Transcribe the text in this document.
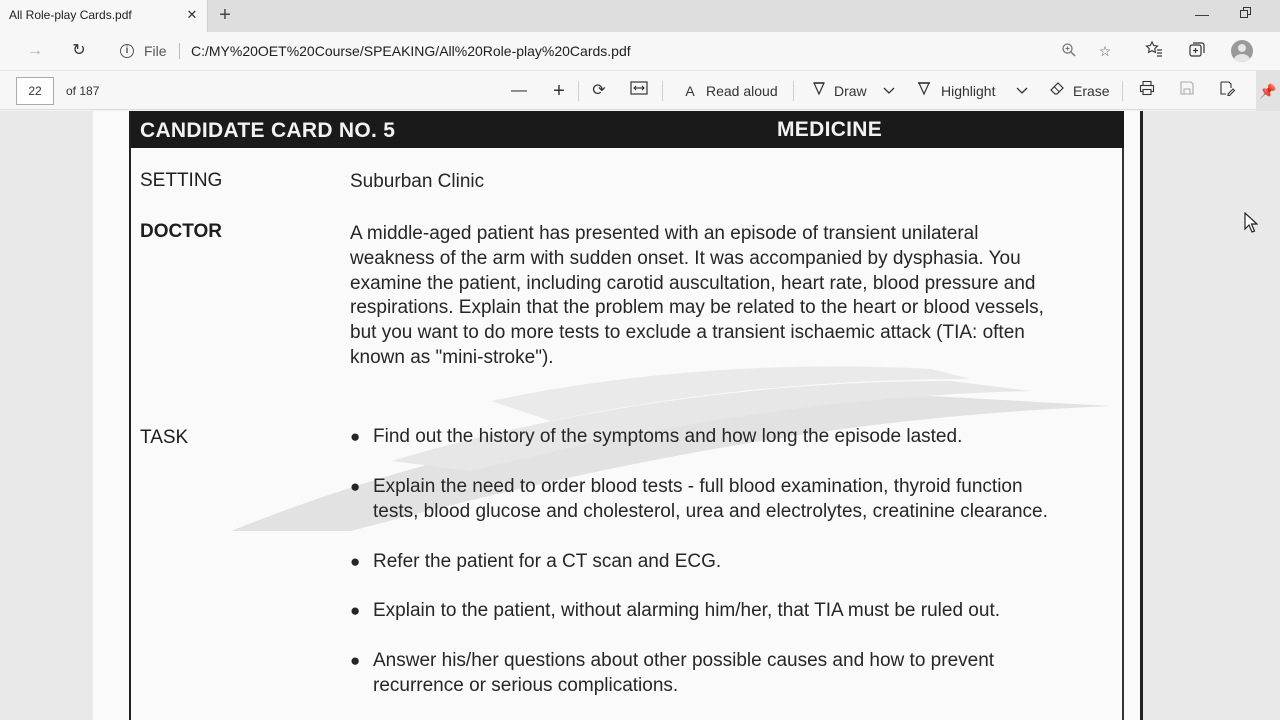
All Role-play Cards.pdf	✕ +	—
→ ↻	i	File C:/MY%20OET%20Course/SPEAKING/All%20Role-play%20Cards.pdf	☆
22	of 187	— +	⟳	A Read aloud	Draw	Highlight	Erase	📌
CANDIDATE CARD NO. 5	MEDICINE
SETTING	Suburban Clinic
DOCTOR	A middle-aged patient has presented with an episode of transient unilateral
weakness of the arm with sudden onset. It was accompanied by dysphasia. You
examine the patient, including carotid auscultation, heart rate, blood pressure and
respirations. Explain that the problem may be related to the heart or blood vessels,
but you want to do more tests to exclude a transient ischaemic attack (TIA: often
known as "mini-stroke").
TASK	● Find out the history of the symptoms and how long the episode lasted.
● Explain the need to order blood tests - full blood examination, thyroid function
tests, blood glucose and cholesterol, urea and electrolytes, creatinine clearance.
● Refer the patient for a CT scan and ECG.
● Explain to the patient, without alarming him/her, that TIA must be ruled out.
● Answer his/her questions about other possible causes and how to prevent
recurrence or serious complications.
